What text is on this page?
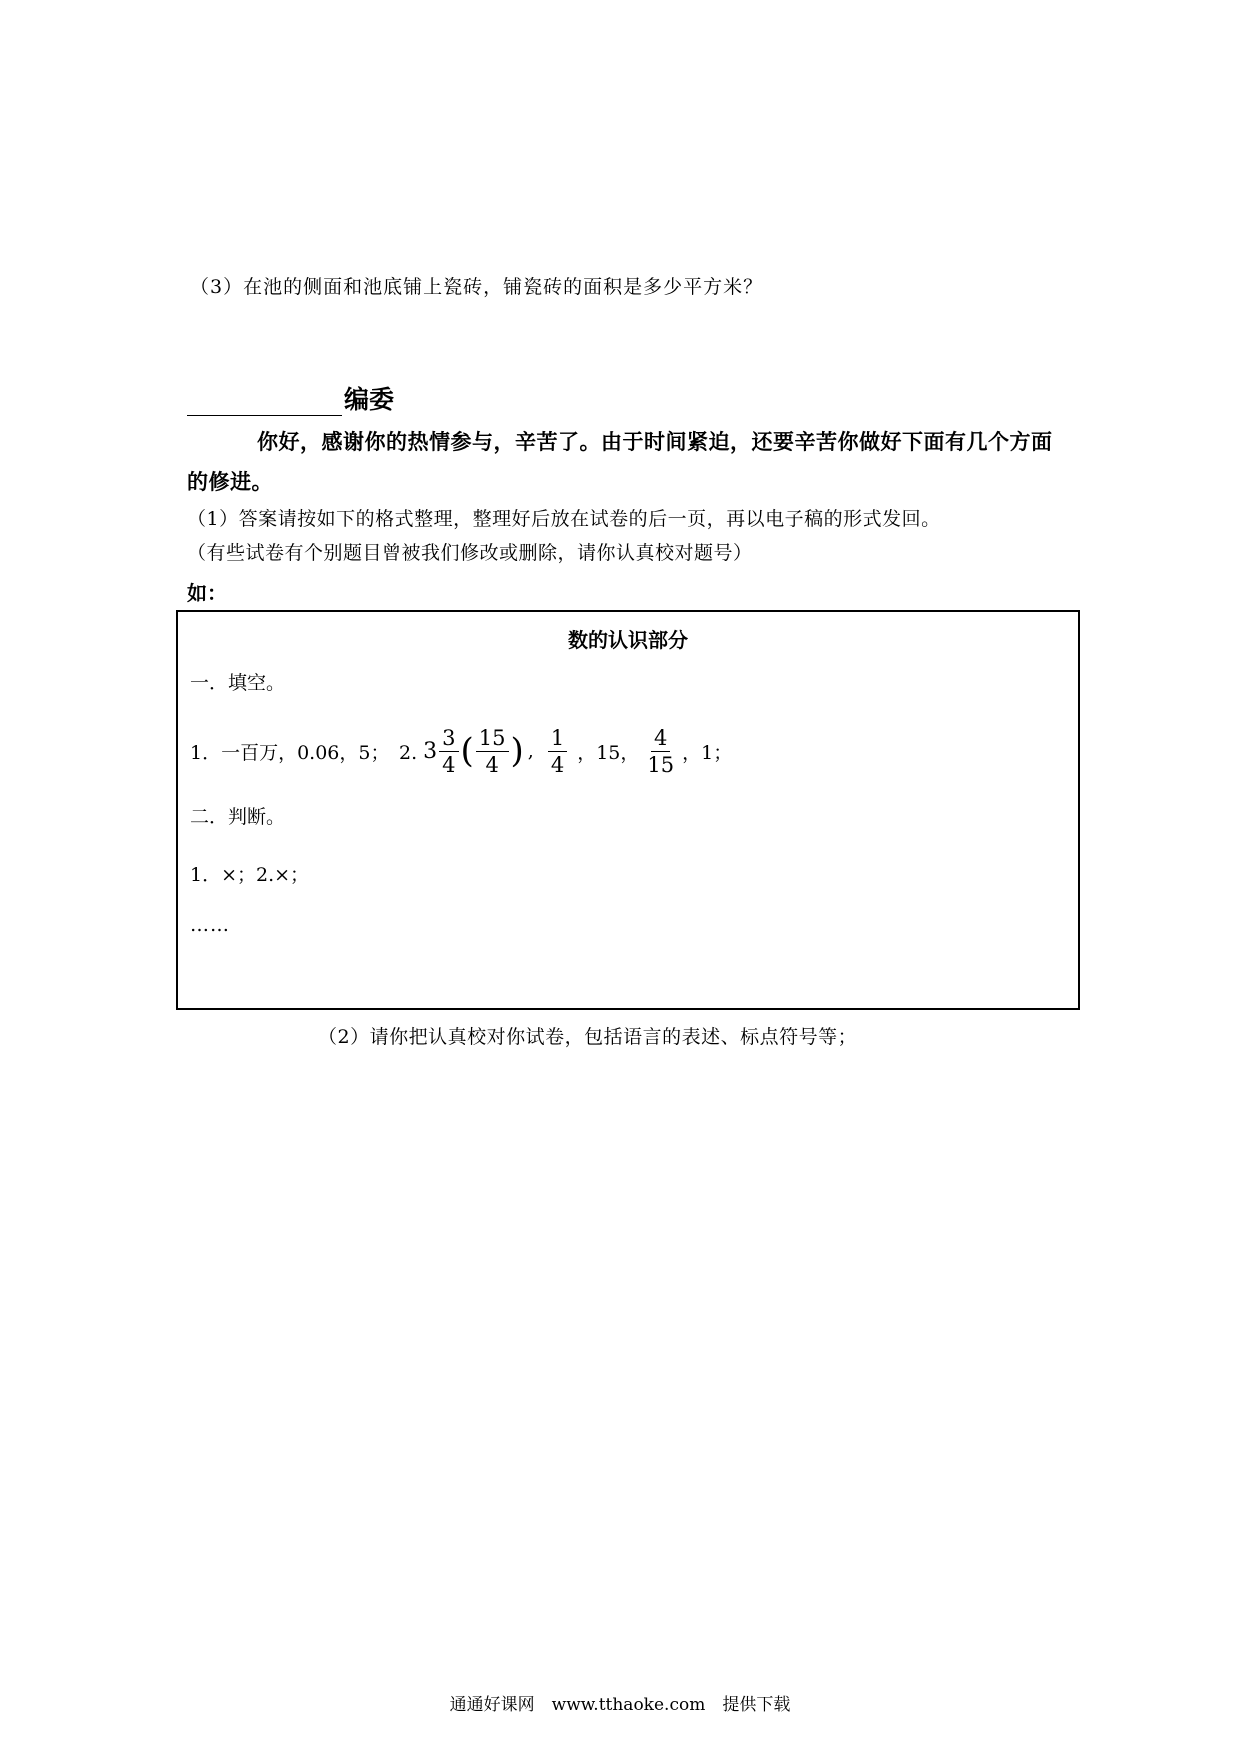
（3）在池的侧面和池底铺上瓷砖，铺瓷砖的面积是多少平方米？
编委
你好，感谢你的热情参与，辛苦了。由于时间紧迫，还要辛苦你做好下面有几个方面的修进。
（1）答案请按如下的格式整理，整理好后放在试卷的后一页，再以电子稿的形式发回。
（有些试卷有个别题目曾被我们修改或删除，请你认真校对题号）
如：
数的认识部分
一．填空。
1．一百万，0.06，5；　2. $3 \frac{3}{4}$ ( $\frac{15}{4}$ ) , $\frac{1}{4}$ ，15， $\frac{4}{15}$ ，1；
二．判断。
1．×；2.×；
……
（2）请你把认真校对你试卷，包括语言的表述、标点符号等；
通通好课网　www.tthaoke.com　提供下载
